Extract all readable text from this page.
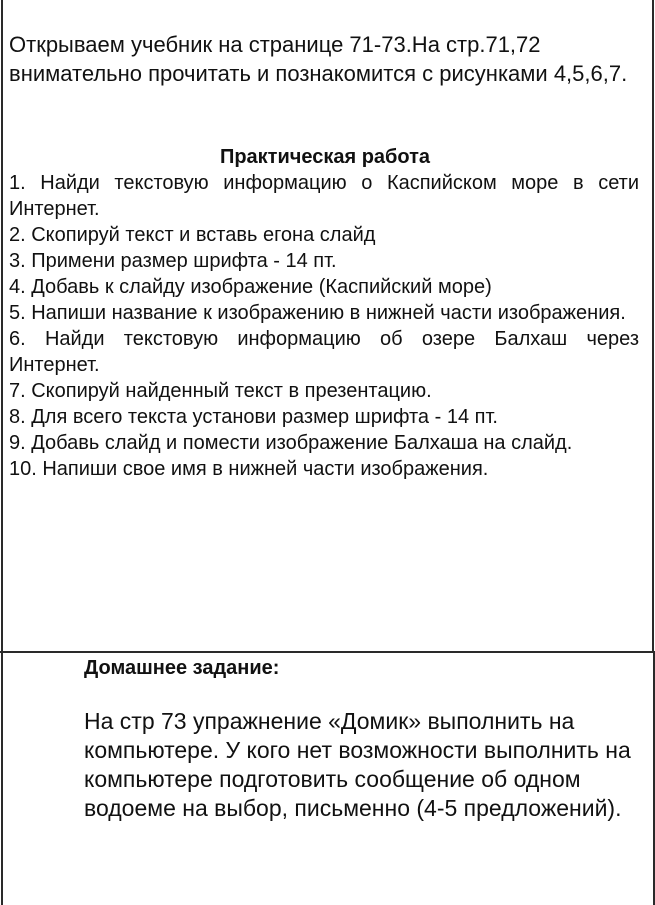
Открываем учебник на странице 71-73.На стр.71,72 внимательно прочитать и познакомится с рисунками 4,5,6,7.

Практическая работа

1. Найди текстовую информацию о Каспийском море в сети Интернет.
2. Скопируй текст и вставь егона слайд
3. Примени размер шрифта - 14 пт.
4. Добавь к слайду изображение (Каспийский море)
5. Напиши название к изображению в нижней части изображения.
6. Найди текстовую информацию об озере Балхаш через Интернет.
7. Скопируй найденный текст в презентацию.
8. Для всего текста установи размер шрифта - 14 пт.
9. Добавь слайд и помести изображение Балхаша на слайд.
10. Напиши свое имя в нижней части изображения.

Домашнее задание:

На стр 73 упражнение «Домик» выполнить на компьютере. У кого нет возможности выполнить на компьютере подготовить сообщение об одном водоеме на выбор, письменно (4-5 предложений).
